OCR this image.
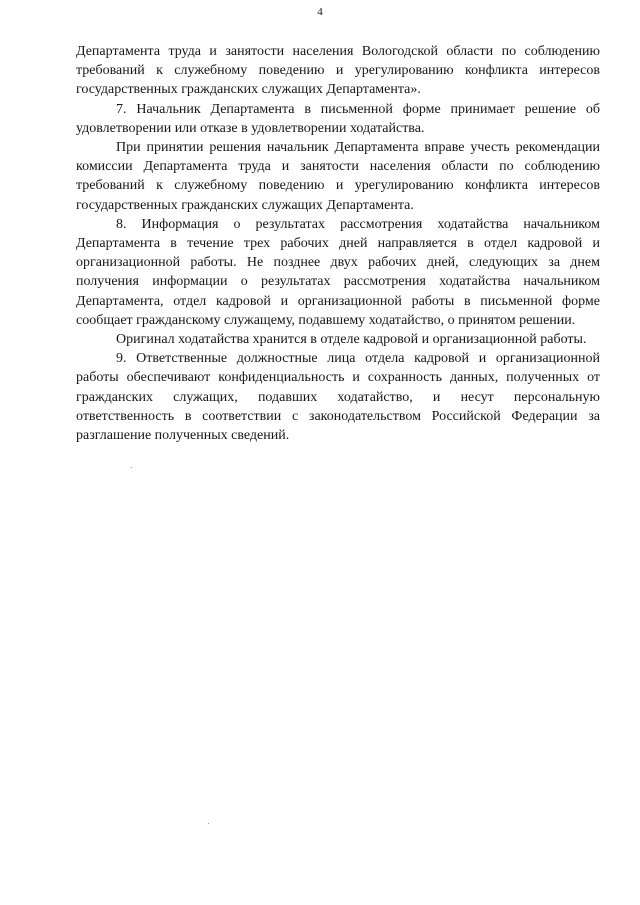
4

Департамента труда и занятости населения Вологодской области по соблюдению требований к служебному поведению и урегулированию конфликта интересов государственных гражданских служащих Департамента».

7. Начальник Департамента в письменной форме принимает решение об удовлетворении или отказе в удовлетворении ходатайства.

При принятии решения начальник Департамента вправе учесть рекомендации комиссии Департамента труда и занятости населения области по соблюдению требований к служебному поведению и урегулированию конфликта интересов государственных гражданских служащих Департамента.

8. Информация о результатах рассмотрения ходатайства начальником Департамента в течение трех рабочих дней направляется в отдел кадровой и организационной работы. Не позднее двух рабочих дней, следующих за днем получения информации о результатах рассмотрения ходатайства начальником Департамента, отдел кадровой и организационной работы в письменной форме сообщает гражданскому служащему, подавшему ходатайство, о принятом решении.

Оригинал ходатайства хранится в отделе кадровой и организационной работы.

9. Ответственные должностные лица отдела кадровой и организационной работы обеспечивают конфиденциальность и сохранность данных, полученных от гражданских служащих, подавших ходатайство, и несут персональную ответственность в соответствии с законодательством Российской Федерации за разглашение полученных сведений.
